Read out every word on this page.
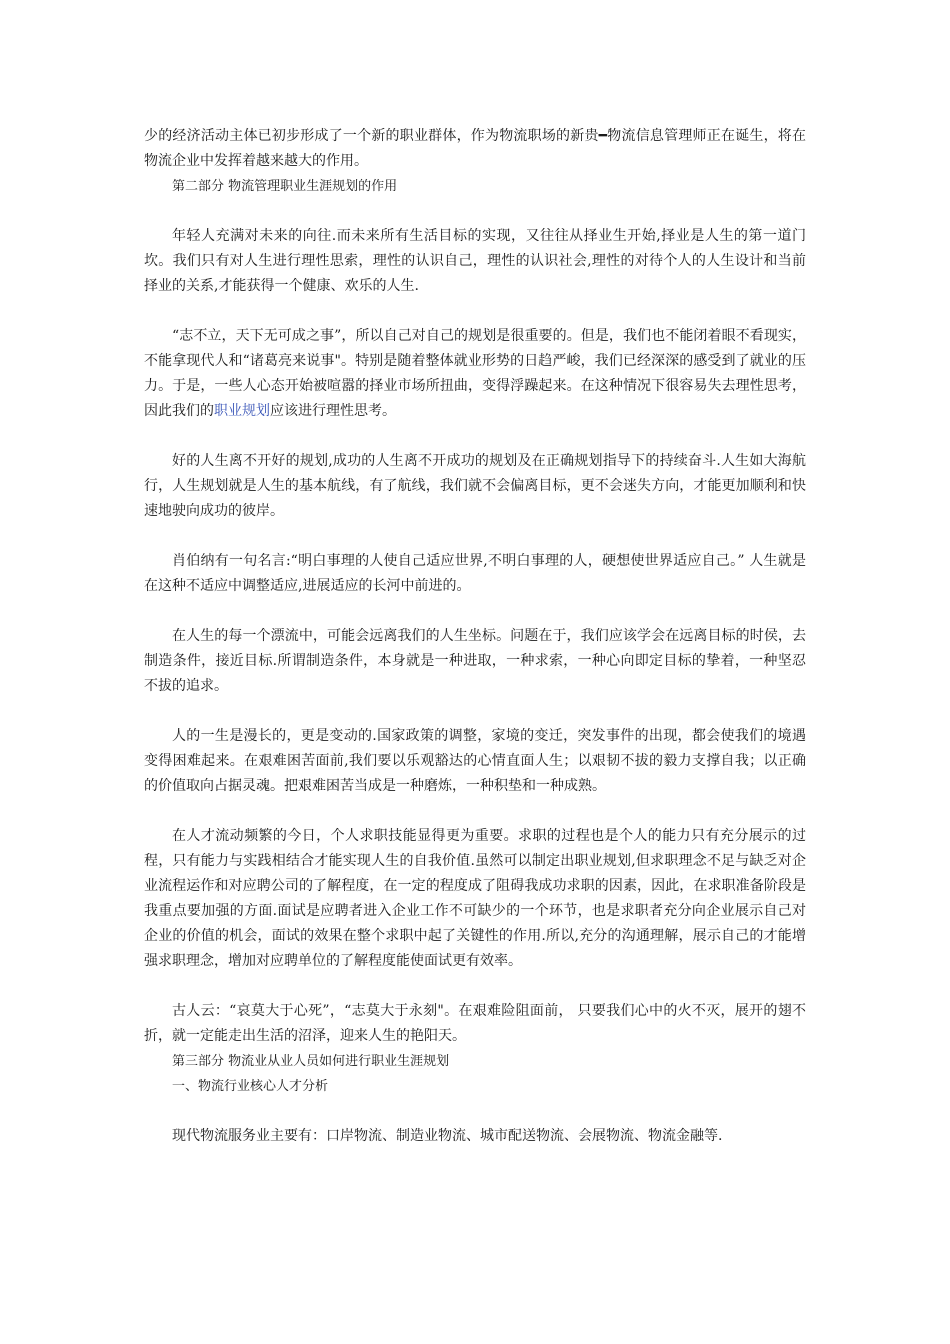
少的经济活动主体已初步形成了一个新的职业群体，作为物流职场的新贵━物流信息管理师正在诞生，将在物流企业中发挥着越来越大的作用。

第二部分 物流管理职业生涯规划的作用

年轻人充满对未来的向往.而未来所有生活目标的实现，又往往从择业生开始,择业是人生的第一道门坎。我们只有对人生进行理性思索，理性的认识自己，理性的认识社会,理性的对待个人的人生设计和当前择业的关系,才能获得一个健康、欢乐的人生.

“志不立，天下无可成之事”，所以自己对自己的规划是很重要的。但是，我们也不能闭着眼不看现实，不能拿现代人和“诸葛亮来说事"。特别是随着整体就业形势的日趋严峻，我们已经深深的感受到了就业的压力。于是，一些人心态开始被喧嚣的择业市场所扭曲，变得浮躁起来。在这种情况下很容易失去理性思考，因此我们的职业规划应该进行理性思考。

好的人生离不开好的规划,成功的人生离不开成功的规划及在正确规划指导下的持续奋斗.人生如大海航行，人生规划就是人生的基本航线，有了航线，我们就不会偏离目标，更不会迷失方向，才能更加顺利和快速地驶向成功的彼岸。

肖伯纳有一句名言:“明白事理的人使自己适应世界,不明白事理的人，硬想使世界适应自己。” 人生就是在这种不适应中调整适应,进展适应的长河中前进的。

在人生的每一个漂流中，可能会远离我们的人生坐标。问题在于，我们应该学会在远离目标的时侯，去制造条件，接近目标.所谓制造条件，本身就是一种进取，一种求索，一种心向即定目标的挚着，一种坚忍不拔的追求。

人的一生是漫长的，更是变动的.国家政策的调整，家境的变迁，突发事件的出现，都会使我们的境遇变得困难起来。在艰难困苦面前,我们要以乐观豁达的心情直面人生；以艰韧不拔的毅力支撑自我；以正确的价值取向占据灵魂。把艰难困苦当成是一种磨炼，一种积垫和一种成熟。

在人才流动频繁的今日，个人求职技能显得更为重要。求职的过程也是个人的能力只有充分展示的过程，只有能力与实践相结合才能实现人生的自我价值.虽然可以制定出职业规划,但求职理念不足与缺乏对企业流程运作和对应聘公司的了解程度，在一定的程度成了阻碍我成功求职的因素，因此，在求职准备阶段是我重点要加强的方面.面试是应聘者进入企业工作不可缺少的一个环节，也是求职者充分向企业展示自己对企业的价值的机会，面试的效果在整个求职中起了关键性的作用.所以,充分的沟通理解，展示自己的才能增强求职理念，增加对应聘单位的了解程度能使面试更有效率。

古人云：“哀莫大于心死”，“志莫大于永刻"。在艰难险阻面前， 只要我们心中的火不灭，展开的翅不折，就一定能走出生活的沼泽，迎来人生的艳阳天。

第三部分 物流业从业人员如何进行职业生涯规划

一、物流行业核心人才分析

现代物流服务业主要有：口岸物流、制造业物流、城市配送物流、会展物流、物流金融等.
